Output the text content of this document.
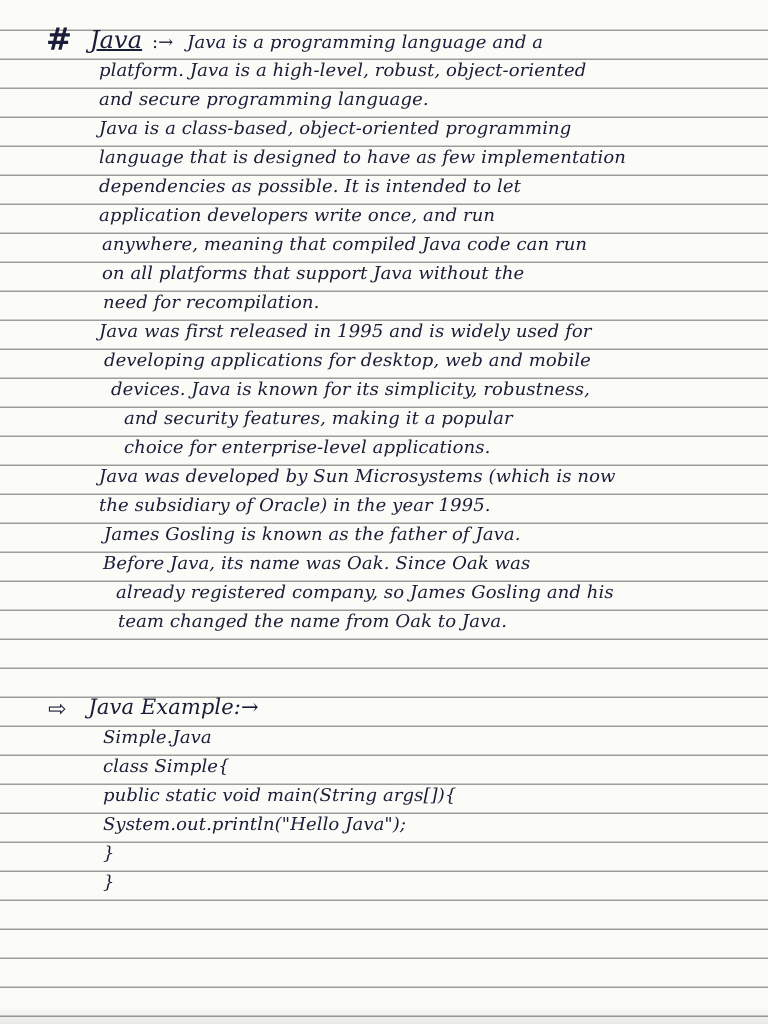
# Java :→ Java is a programming language and a
platform. Java is a high-level, robust, object-oriented
and secure programming language.
Java is a class-based, object-oriented programming
language that is designed to have as few implementation
dependencies as possible. It is intended to let
application developers write once, and run
anywhere, meaning that compiled Java code can run
on all platforms that support Java without the
need for recompilation.
Java was first released in 1995 and is widely used for
developing applications for desktop, web and mobile
devices. Java is known for its simplicity, robustness,
and security features, making it a popular
choice for enterprise-level applications.
Java was developed by Sun Microsystems (which is now
the subsidiary of Oracle) in the year 1995.
James Gosling is known as the father of Java.
Before Java, its name was Oak. Since Oak was
already registered company, so James Gosling and his
team changed the name from Oak to Java.
⇨ Java Example:→
Simple.Java
class Simple{
public static void main(String args[]){
System.out.println("Hello Java");
}
}
